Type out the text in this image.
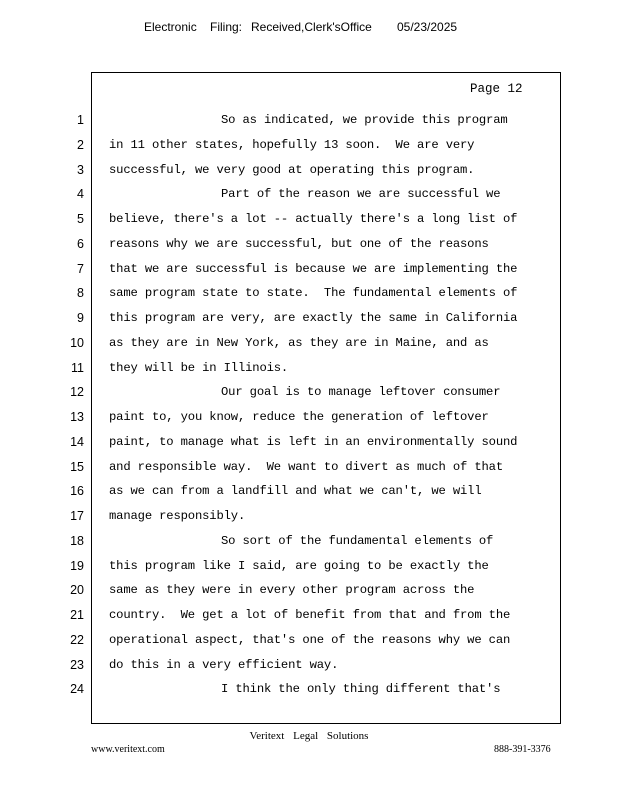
Electronic Filing: Received,Clerk'sOffice 05/23/2025
Page 12
1	So as indicated, we provide this program
2 in 11 other states, hopefully 13 soon.  We are very
3 successful, we very good at operating this program.
4	Part of the reason we are successful we
5 believe, there's a lot -- actually there's a long list of
6 reasons why we are successful, but one of the reasons
7 that we are successful is because we are implementing the
8 same program state to state.  The fundamental elements of
9 this program are very, are exactly the same in California
10 as they are in New York, as they are in Maine, and as
11 they will be in Illinois.
12	Our goal is to manage leftover consumer
13 paint to, you know, reduce the generation of leftover
14 paint, to manage what is left in an environmentally sound
15 and responsible way.  We want to divert as much of that
16 as we can from a landfill and what we can't, we will
17 manage responsibly.
18	So sort of the fundamental elements of
19 this program like I said, are going to be exactly the
20 same as they were in every other program across the
21 country.  We get a lot of benefit from that and from the
22 operational aspect, that's one of the reasons why we can
23 do this in a very efficient way.
24	I think the only thing different that's
Veritext Legal Solutions
www.veritext.com	888-391-3376
